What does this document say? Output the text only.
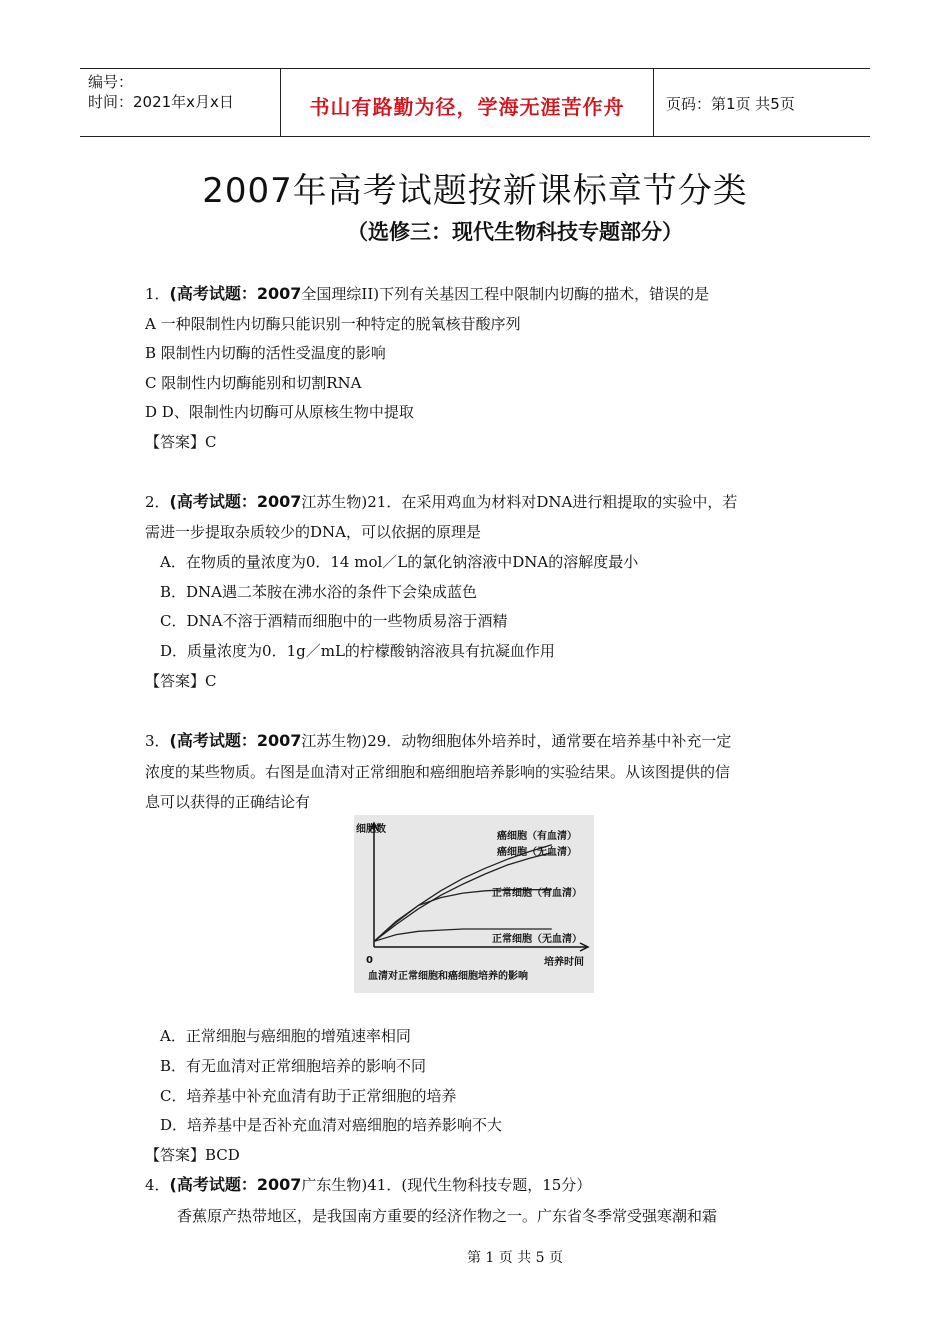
编号：
时间：2021年x月x日	书山有路勤为径，学海无涯苦作舟	页码：第1页 共5页
2007年高考试题按新课标章节分类
（选修三：现代生物科技专题部分）
1．(高考试题：2007全国理综II)下列有关基因工程中限制内切酶的描术，错误的是
A 一种限制性内切酶只能识别一种特定的脱氧核苷酸序列
B 限制性内切酶的活性受温度的影响
C 限制性内切酶能别和切割RNA
D D、限制性内切酶可从原核生物中提取
【答案】C
2．(高考试题：2007江苏生物)21．在采用鸡血为材料对DNA进行粗提取的实验中，若
需进一步提取杂质较少的DNA，可以依据的原理是
A．在物质的量浓度为0．14 mol／L的氯化钠溶液中DNA的溶解度最小
B．DNA遇二苯胺在沸水浴的条件下会染成蓝色
C．DNA不溶于酒精而细胞中的一些物质易溶于酒精
D．质量浓度为0．1g／mL的柠檬酸钠溶液具有抗凝血作用
【答案】C
3．(高考试题：2007江苏生物)29．动物细胞体外培养时，通常要在培养基中补充一定
浓度的某些物质。右图是血清对正常细胞和癌细胞培养影响的实验结果。从该图提供的信
息可以获得的正确结论有
细胞数
0	培养时间
血清对正常细胞和癌细胞培养的影响
癌细胞（有血清）
癌细胞（无血清）
正常细胞（有血清）
正常细胞（无血清）
A．正常细胞与癌细胞的增殖速率相同
B．有无血清对正常细胞培养的影响不同
C．培养基中补充血清有助于正常细胞的培养
D．培养基中是否补充血清对癌细胞的培养影响不大
【答案】BCD
4．(高考试题：2007广东生物)41．(现代生物科技专题，15分）
香蕉原产热带地区，是我国南方重要的经济作物之一。广东省冬季常受强寒潮和霜
第 1 页 共 5 页
